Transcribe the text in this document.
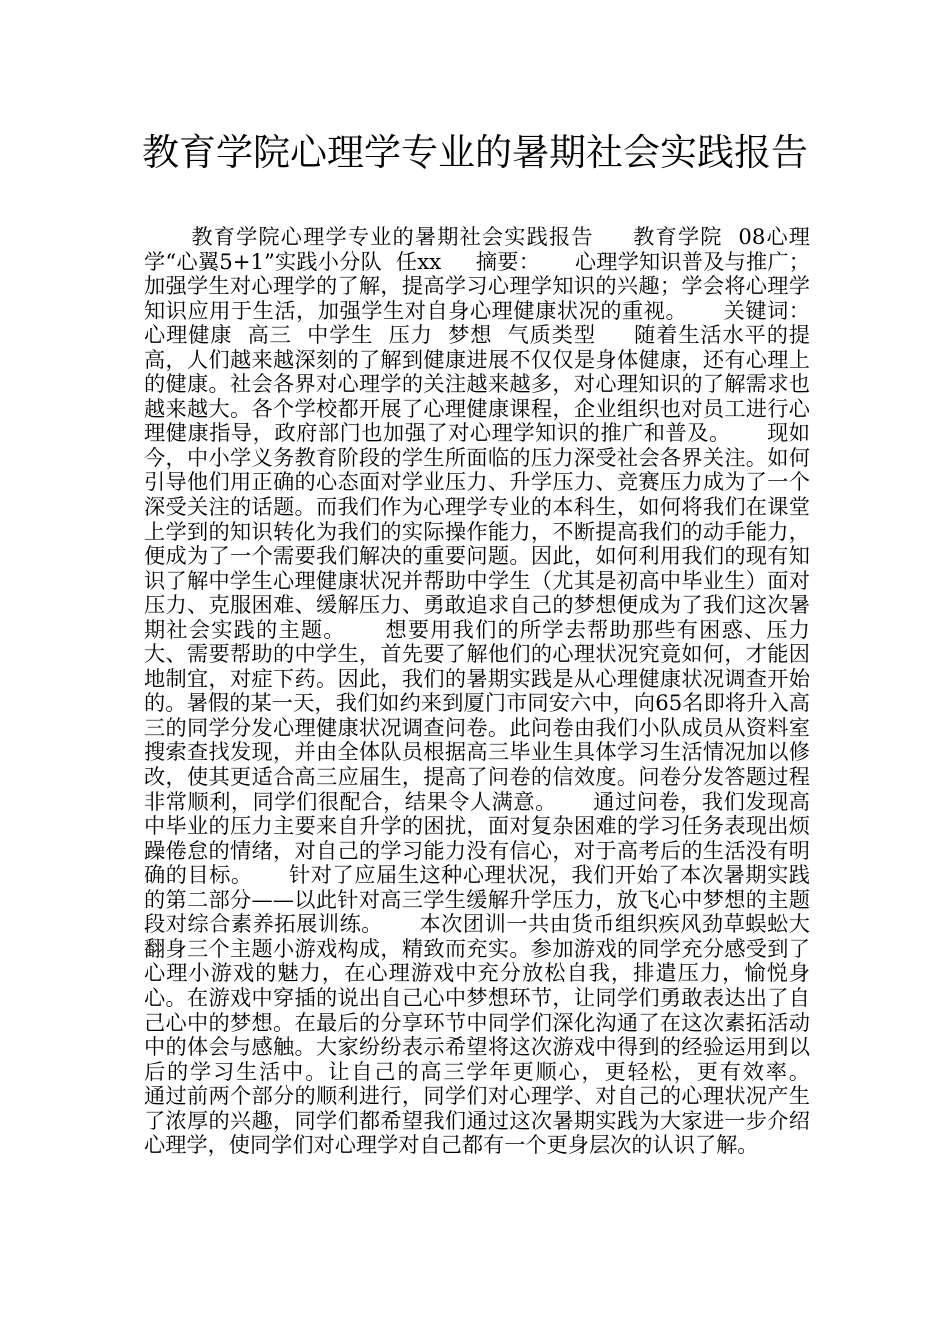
教育学院心理学专业的暑期社会实践报告

教育学院心理学专业的暑期社会实践报告     教育学院  08心理学“心翼5+1”实践小分队  任xx     摘要：     心理学知识普及与推广；加强学生对心理学的了解，提高学习心理学知识的兴趣；学会将心理学知识应用于生活，加强学生对自身心理健康状况的重视。     关键词：  心理健康  高三  中学生  压力  梦想  气质类型     随着生活水平的提高，人们越来越深刻的了解到健康进展不仅仅是身体健康，还有心理上的健康。社会各界对心理学的关注越来越多，对心理知识的了解需求也越来越大。各个学校都开展了心理健康课程，企业组织也对员工进行心理健康指导，政府部门也加强了对心理学知识的推广和普及。     现如今，中小学义务教育阶段的学生所面临的压力深受社会各界关注。如何引导他们用正确的心态面对学业压力、升学压力、竞赛压力成为了一个深受关注的话题。而我们作为心理学专业的本科生，如何将我们在课堂上学到的知识转化为我们的实际操作能力，不断提高我们的动手能力，便成为了一个需要我们解决的重要问题。因此，如何利用我们的现有知识了解中学生心理健康状况并帮助中学生（尤其是初高中毕业生）面对压力、克服困难、缓解压力、勇敢追求自己的梦想便成为了我们这次暑期社会实践的主题。     想要用我们的所学去帮助那些有困惑、压力大、需要帮助的中学生，首先要了解他们的心理状况究竟如何，才能因地制宜，对症下药。因此，我们的暑期实践是从心理健康状况调查开始的。暑假的某一天，我们如约来到厦门市同安六中，向65名即将升入高三的同学分发心理健康状况调查问卷。此问卷由我们小队成员从资料室搜索查找发现，并由全体队员根据高三毕业生具体学习生活情况加以修改，使其更适合高三应届生，提高了问卷的信效度。问卷分发答题过程非常顺利，同学们很配合，结果令人满意。     通过问卷，我们发现高中毕业的压力主要来自升学的困扰，面对复杂困难的学习任务表现出烦躁倦怠的情绪，对自己的学习能力没有信心，对于高考后的生活没有明确的目标。     针对了应届生这种心理状况，我们开始了本次暑期实践的第二部分——以此针对高三学生缓解升学压力，放飞心中梦想的主题段对综合素养拓展训练。     本次团训一共由货币组织疾风劲草蜈蚣大翻身三个主题小游戏构成，精致而充实。参加游戏的同学充分感受到了心理小游戏的魅力，在心理游戏中充分放松自我，排遣压力，愉悦身心。在游戏中穿插的说出自己心中梦想环节，让同学们勇敢表达出了自己心中的梦想。在最后的分享环节中同学们深化沟通了在这次素拓活动中的体会与感触。大家纷纷表示希望将这次游戏中得到的经验运用到以后的学习生活中。让自己的高三学年更顺心，更轻松，更有效率。     通过前两个部分的顺利进行，同学们对心理学、对自己的心理状况产生了浓厚的兴趣，同学们都希望我们通过这次暑期实践为大家进一步介绍心理学，使同学们对心理学对自己都有一个更身层次的认识了解。
